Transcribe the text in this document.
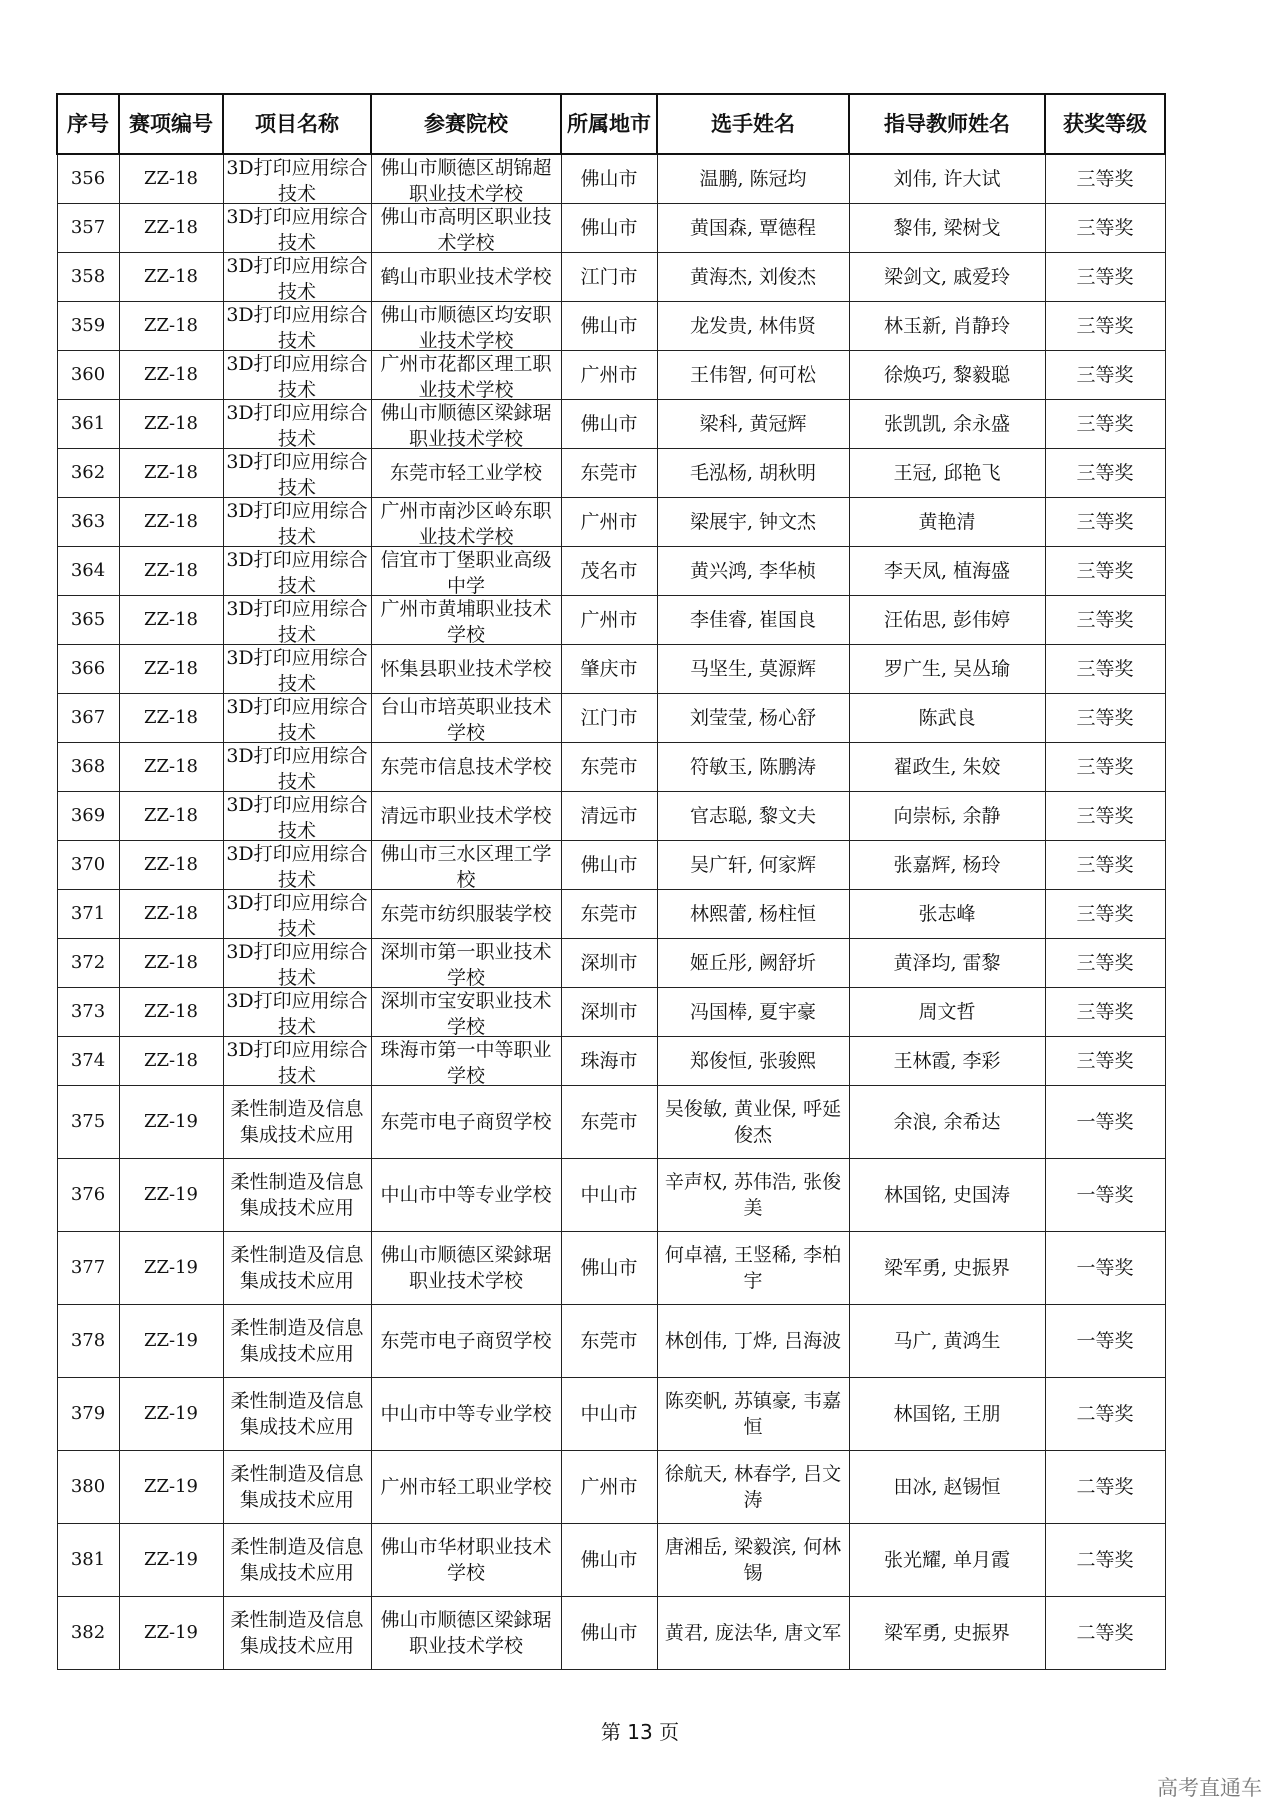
序号	赛项编号	项目名称	参赛院校	所属地市	选手姓名	指导教师姓名	获奖等级

356	ZZ-18	3D打印应用综合技术	佛山市顺德区胡锦超职业技术学校	佛山市	温鹏, 陈冠均	刘伟, 许大试	三等奖

357	ZZ-18	3D打印应用综合技术	佛山市高明区职业技术学校	佛山市	黄国森, 覃德程	黎伟, 梁树戈	三等奖

358	ZZ-18	3D打印应用综合技术	鹤山市职业技术学校	江门市	黄海杰, 刘俊杰	梁剑文, 戚爱玲	三等奖

359	ZZ-18	3D打印应用综合技术	佛山市顺德区均安职业技术学校	佛山市	龙发贵, 林伟贤	林玉新, 肖静玲	三等奖

360	ZZ-18	3D打印应用综合技术	广州市花都区理工职业技术学校	广州市	王伟智, 何可松	徐焕巧, 黎毅聪	三等奖

361	ZZ-18	3D打印应用综合技术	佛山市顺德区梁銶琚职业技术学校	佛山市	梁科, 黄冠辉	张凯凯, 余永盛	三等奖

362	ZZ-18	3D打印应用综合技术	东莞市轻工业学校	东莞市	毛泓杨, 胡秋明	王冠, 邱艳飞	三等奖

363	ZZ-18	3D打印应用综合技术	广州市南沙区岭东职业技术学校	广州市	梁展宇, 钟文杰	黄艳清	三等奖

364	ZZ-18	3D打印应用综合技术	信宜市丁堡职业高级中学	茂名市	黄兴鸿, 李华桢	李天凤, 植海盛	三等奖

365	ZZ-18	3D打印应用综合技术	广州市黄埔职业技术学校	广州市	李佳睿, 崔国良	汪佑思, 彭伟婷	三等奖

366	ZZ-18	3D打印应用综合技术	怀集县职业技术学校	肇庆市	马坚生, 莫源辉	罗广生, 吴丛瑜	三等奖

367	ZZ-18	3D打印应用综合技术	台山市培英职业技术学校	江门市	刘莹莹, 杨心舒	陈武良	三等奖

368	ZZ-18	3D打印应用综合技术	东莞市信息技术学校	东莞市	符敏玉, 陈鹏涛	翟政生, 朱姣	三等奖

369	ZZ-18	3D打印应用综合技术	清远市职业技术学校	清远市	官志聪, 黎文夫	向崇标, 余静	三等奖

370	ZZ-18	3D打印应用综合技术	佛山市三水区理工学校	佛山市	吴广轩, 何家辉	张嘉辉, 杨玲	三等奖

371	ZZ-18	3D打印应用综合技术	东莞市纺织服装学校	东莞市	林熙蕾, 杨柱恒	张志峰	三等奖

372	ZZ-18	3D打印应用综合技术	深圳市第一职业技术学校	深圳市	姬丘彤, 阙舒圻	黄泽均, 雷黎	三等奖

373	ZZ-18	3D打印应用综合技术	深圳市宝安职业技术学校	深圳市	冯国棒, 夏宇豪	周文哲	三等奖

374	ZZ-18	3D打印应用综合技术	珠海市第一中等职业学校	珠海市	郑俊恒, 张骏熙	王林霞, 李彩	三等奖

375	ZZ-19	柔性制造及信息集成技术应用	东莞市电子商贸学校	东莞市	吴俊敏, 黄业保, 呼延俊杰	余浪, 余希达	一等奖

376	ZZ-19	柔性制造及信息集成技术应用	中山市中等专业学校	中山市	辛声权, 苏伟浩, 张俊美	林国铭, 史国涛	一等奖

377	ZZ-19	柔性制造及信息集成技术应用	佛山市顺德区梁銶琚职业技术学校	佛山市	何卓禧, 王竖稀, 李柏宇	梁军勇, 史振界	一等奖

378	ZZ-19	柔性制造及信息集成技术应用	东莞市电子商贸学校	东莞市	林创伟, 丁烨, 吕海波	马广, 黄鸿生	一等奖

379	ZZ-19	柔性制造及信息集成技术应用	中山市中等专业学校	中山市	陈奕帆, 苏镇豪, 韦嘉恒	林国铭, 王朋	二等奖

380	ZZ-19	柔性制造及信息集成技术应用	广州市轻工职业学校	广州市	徐航天, 林春学, 吕文涛	田冰, 赵锡恒	二等奖

381	ZZ-19	柔性制造及信息集成技术应用	佛山市华材职业技术学校	佛山市	唐湘岳, 梁毅滨, 何林锡	张光耀, 单月霞	二等奖

382	ZZ-19	柔性制造及信息集成技术应用	佛山市顺德区梁銶琚职业技术学校	佛山市	黄君, 庞法华, 唐文军	梁军勇, 史振界	二等奖
第 13 页
高考直通车
